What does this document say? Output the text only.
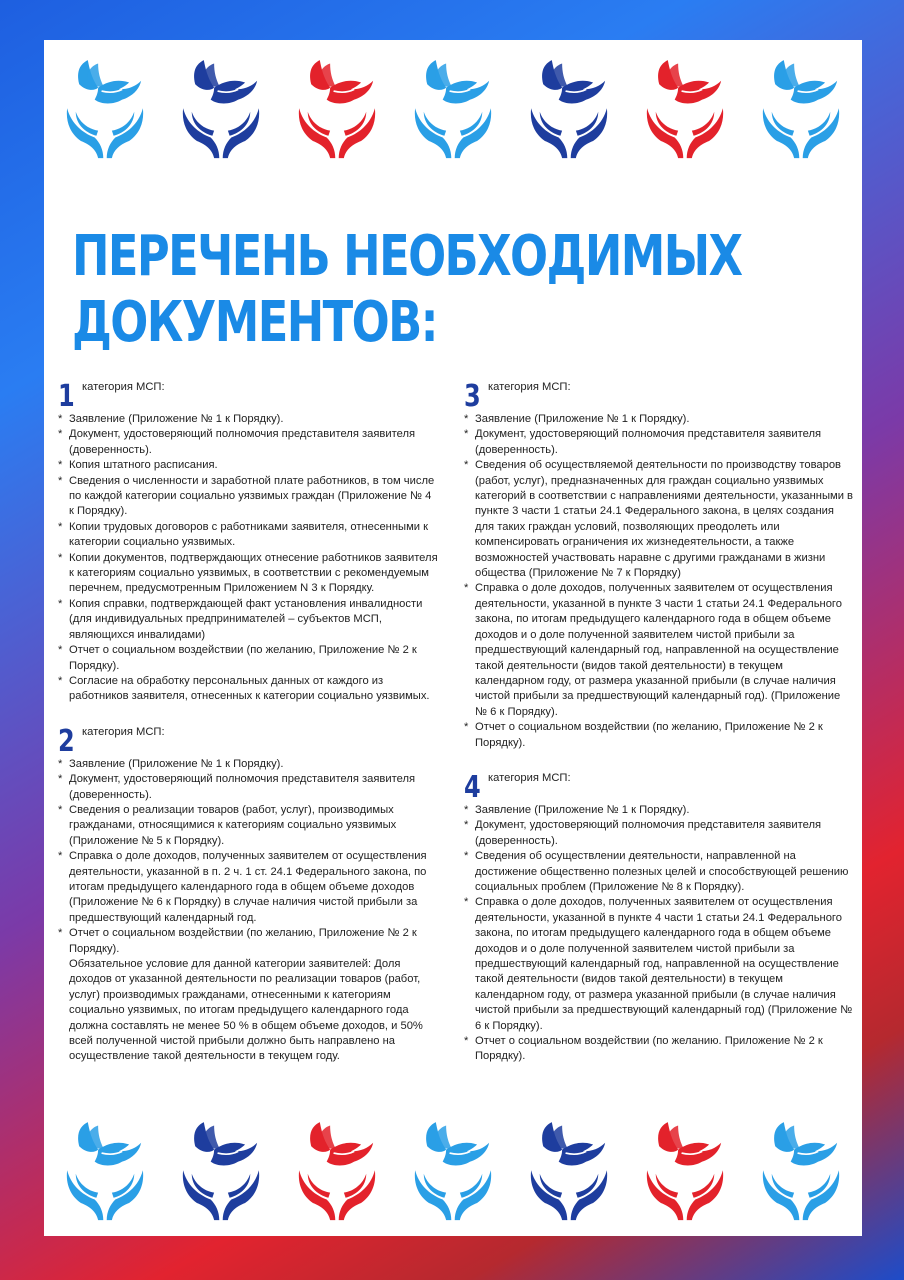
ПЕРЕЧЕНЬ НЕОБХОДИМЫХ
ДОКУМЕНТОВ:
1 категория МСП:
* Заявление (Приложение № 1 к Порядку).
* Документ, удостоверяющий полномочия представителя заявителя (доверенность).
* Копия штатного расписания.
* Сведения о численности и заработной плате работников, в том числе по каждой категории социально уязвимых граждан (Приложение № 4 к Порядку).
* Копии трудовых договоров с работниками заявителя, отнесенными к категории социально уязвимых.
* Копии документов, подтверждающих отнесение работников заявителя к категориям социально уязвимых, в соответствии с рекомендуемым перечнем, предусмотренным Приложением N 3 к Порядку.
* Копия справки, подтверждающей факт установления инвалидности (для индивидуальных предпринимателей – субъектов МСП, являющихся инвалидами)
* Отчет о социальном воздействии (по желанию, Приложение № 2 к Порядку).
* Согласие на обработку персональных данных от каждого из работников заявителя, отнесенных к категории социально уязвимых.
2 категория МСП:
* Заявление (Приложение № 1 к Порядку).
* Документ, удостоверяющий полномочия представителя заявителя (доверенность).
* Сведения о реализации товаров (работ, услуг), производимых гражданами, относящимися к категориям социально уязвимых (Приложение № 5 к Порядку).
* Справка о доле доходов, полученных заявителем от осуществления деятельности, указанной в п. 2 ч. 1 ст. 24.1 Федерального закона, по итогам предыдущего календарного года в общем объеме доходов (Приложение № 6 к Порядку) в случае наличия чистой прибыли за предшествующий календарный год.
* Отчет о социальном воздействии (по желанию, Приложение № 2 к Порядку).
Обязательное условие для данной категории заявителей: Доля доходов от указанной деятельности по реализации товаров (работ, услуг) производимых гражданами, отнесенными к категориям социально уязвимых, по итогам предыдущего календарного года должна составлять не менее 50 % в общем объеме доходов, и 50% всей полученной чистой прибыли должно быть направлено на осуществление такой деятельности в текущем году.
3 категория МСП:
* Заявление (Приложение № 1 к Порядку).
* Документ, удостоверяющий полномочия представителя заявителя (доверенность).
* Сведения об осуществляемой деятельности по производству товаров (работ, услуг), предназначенных для граждан социально уязвимых категорий в соответствии с направлениями деятельности, указанными в пункте 3 части 1 статьи 24.1 Федерального закона, в целях создания для таких граждан условий, позволяющих преодолеть или компенсировать ограничения их жизнедеятельности, а также возможностей участвовать наравне с другими гражданами в жизни общества (Приложение № 7 к Порядку)
* Справка о доле доходов, полученных заявителем от осуществления деятельности, указанной в пункте 3 части 1 статьи 24.1 Федерального закона, по итогам предыдущего календарного года в общем объеме доходов и о доле полученной заявителем чистой прибыли за предшествующий календарный год, направленной на осуществление такой деятельности (видов такой деятельности) в текущем календарном году, от размера указанной прибыли (в случае наличия чистой прибыли за предшествующий календарный год). (Приложение № 6 к Порядку).
* Отчет о социальном воздействии (по желанию, Приложение № 2 к Порядку).
4 категория МСП:
* Заявление (Приложение № 1 к Порядку).
* Документ, удостоверяющий полномочия представителя заявителя (доверенность).
* Сведения об осуществлении деятельности, направленной на достижение общественно полезных целей и способствующей решению социальных проблем (Приложение № 8 к Порядку).
* Справка о доле доходов, полученных заявителем от осуществления деятельности, указанной в пункте 4 части 1 статьи 24.1 Федерального закона, по итогам предыдущего календарного года в общем объеме доходов и о доле полученной заявителем чистой прибыли за предшествующий календарный год, направленной на осуществление такой деятельности (видов такой деятельности) в текущем календарном году, от размера указанной прибыли (в случае наличия чистой прибыли за предшествующий календарный год) (Приложение № 6 к Порядку).
* Отчет о социальном воздействии (по желанию. Приложение № 2 к Порядку).
